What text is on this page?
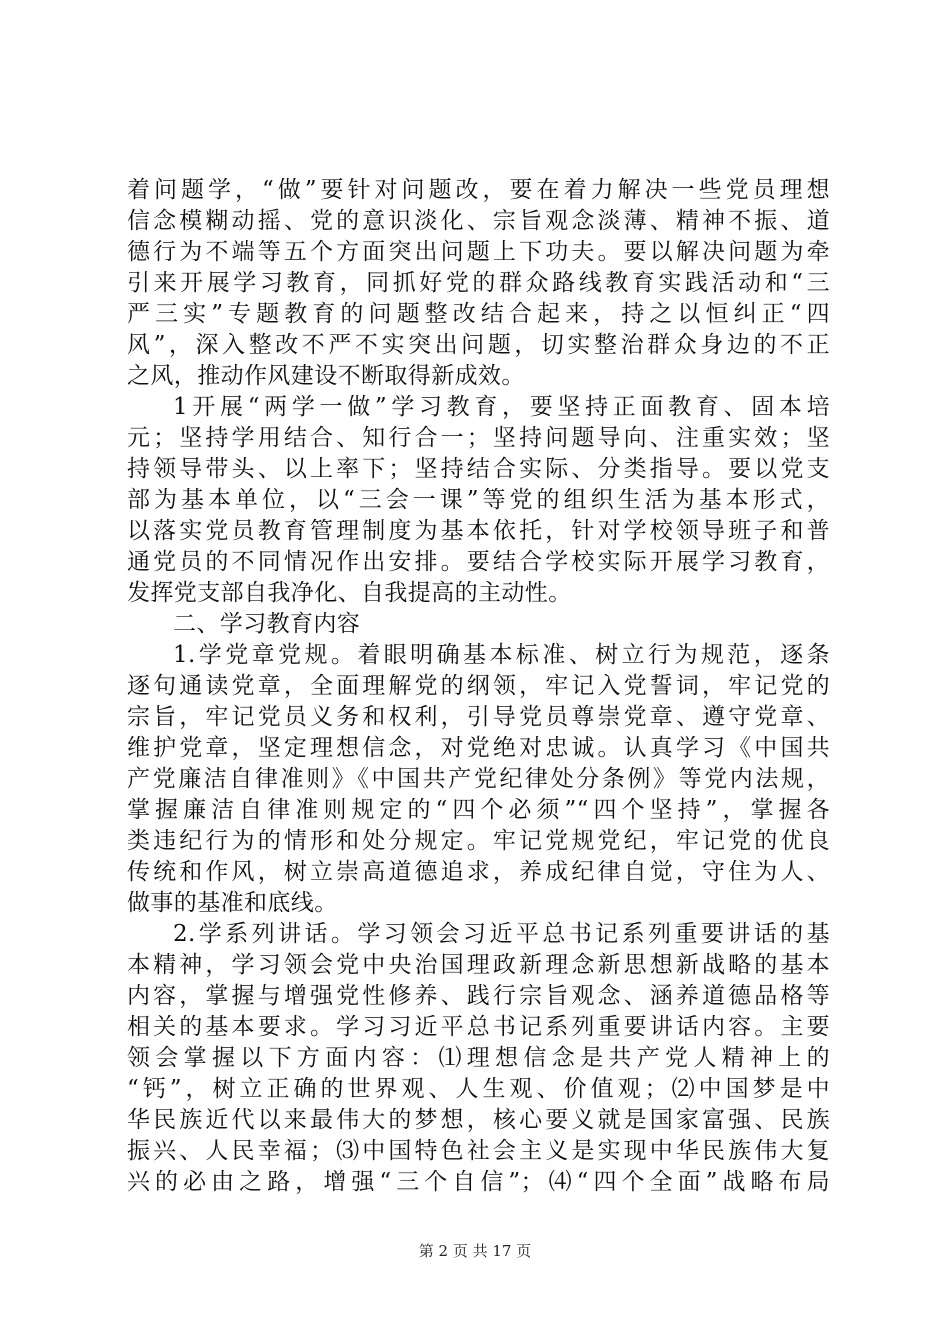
着问题学，“做”要针对问题改，要在着力解决一些党员理想
信念模糊动摇、党的意识淡化、宗旨观念淡薄、精神不振、道
德行为不端等五个方面突出问题上下功夫。要以解决问题为牵
引来开展学习教育，同抓好党的群众路线教育实践活动和“三
严三实”专题教育的问题整改结合起来，持之以恒纠正“四
风”，深入整改不严不实突出问题，切实整治群众身边的不正
之风，推动作风建设不断取得新成效。
1开展“两学一做”学习教育，要坚持正面教育、固本培
元；坚持学用结合、知行合一；坚持问题导向、注重实效；坚
持领导带头、以上率下；坚持结合实际、分类指导。要以党支
部为基本单位，以“三会一课”等党的组织生活为基本形式，
以落实党员教育管理制度为基本依托，针对学校领导班子和普
通党员的不同情况作出安排。要结合学校实际开展学习教育，
发挥党支部自我净化、自我提高的主动性。
二、学习教育内容
1.学党章党规。着眼明确基本标准、树立行为规范，逐条
逐句通读党章，全面理解党的纲领，牢记入党誓词，牢记党的
宗旨，牢记党员义务和权利，引导党员尊崇党章、遵守党章、
维护党章，坚定理想信念，对党绝对忠诚。认真学习《中国共
产党廉洁自律准则》《中国共产党纪律处分条例》等党内法规，
掌握廉洁自律准则规定的“四个必须”“四个坚持”，掌握各
类违纪行为的情形和处分规定。牢记党规党纪，牢记党的优良
传统和作风，树立崇高道德追求，养成纪律自觉，守住为人、
做事的基准和底线。
2.学系列讲话。学习领会习近平总书记系列重要讲话的基
本精神，学习领会党中央治国理政新理念新思想新战略的基本
内容，掌握与增强党性修养、践行宗旨观念、涵养道德品格等
相关的基本要求。学习习近平总书记系列重要讲话内容。主要
领会掌握以下方面内容：⑴理想信念是共产党人精神上的
“钙”，树立正确的世界观、人生观、价值观；⑵中国梦是中
华民族近代以来最伟大的梦想，核心要义就是国家富强、民族
振兴、人民幸福；⑶中国特色社会主义是实现中华民族伟大复
兴的必由之路，增强“三个自信”；⑷“四个全面”战略布局
第 2 页 共 17 页
